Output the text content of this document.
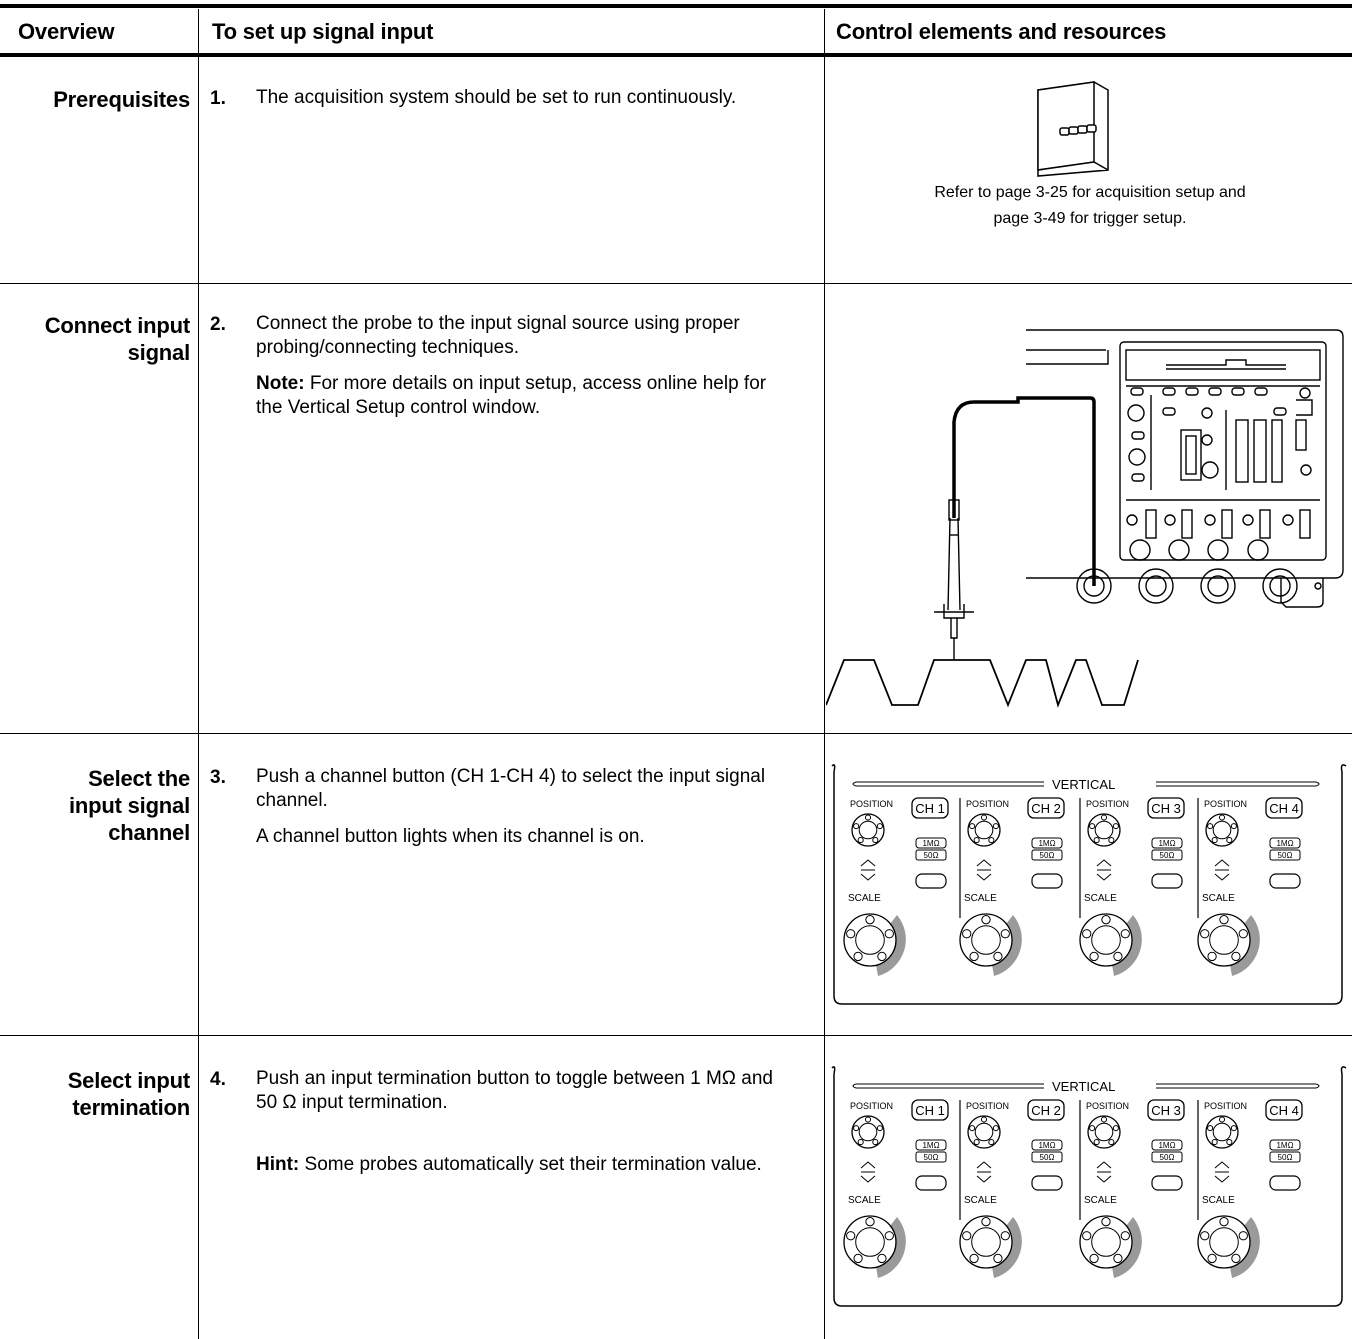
Overview	To set up signal input	Control elements and resources
Prerequisites 1. The acquisition system should be set to run continuously.

Refer to page 3-25 for acquisition setup and
page 3-49 for trigger setup.
Connect input
signal
2. Connect the probe to the input signal source using proper probing/connecting techniques.

Note: For more details on input setup, access online help for the Vertical Setup control window.

Select the
input signal
channel
3. Push a channel button (CH 1-CH 4) to select the input signal channel.

A channel button lights when its channel is on.

VERTICAL
POSITION
SCALE
CH 1
1MΩ
50Ω
POSITION
SCALE
CH 2
1MΩ
50Ω
POSITION
SCALE
CH 3
1MΩ
50Ω
POSITION
SCALE
CH 4
1MΩ
50Ω
Select input
termination
4. Push an input termination button to toggle between 1 MΩ and 50 Ω input termination.

Hint: Some probes automatically set their termination value.

VERTICAL
POSITION
SCALE
CH 1
1MΩ
50Ω
POSITION
SCALE
CH 2
1MΩ
50Ω
POSITION
SCALE
CH 3
1MΩ
50Ω
POSITION
SCALE
CH 4
1MΩ
50Ω
